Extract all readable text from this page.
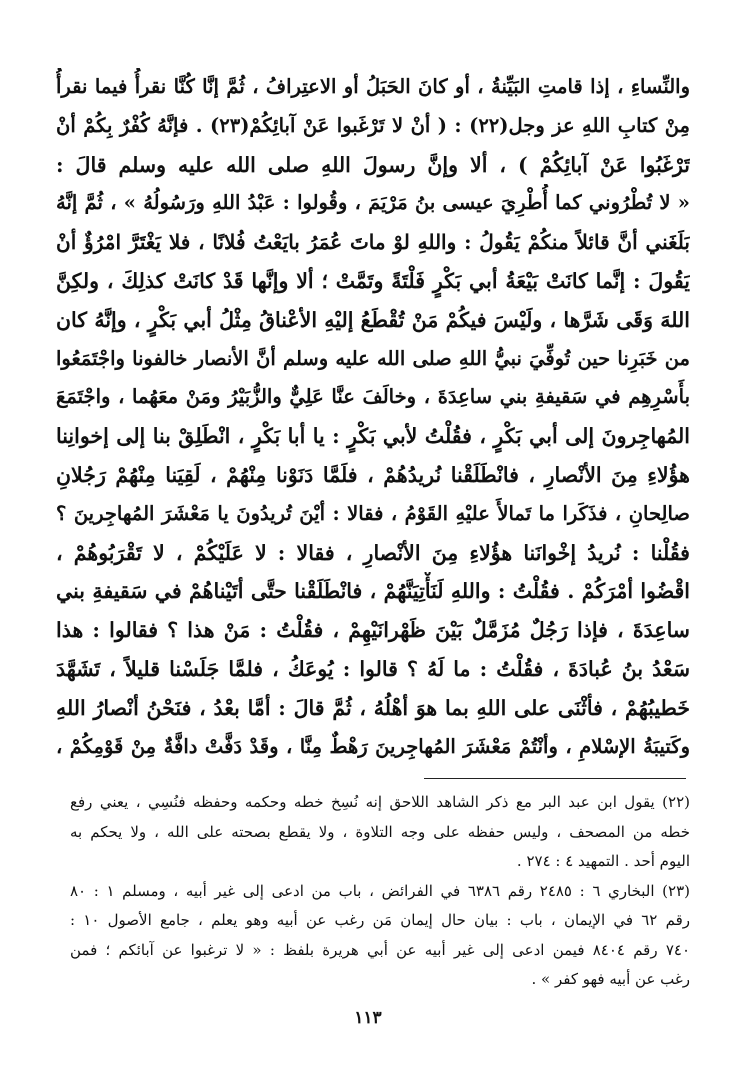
والنِّساءِ ، إذا قامتِ البَيِّنةُ ، أو كانَ الحَبَلُ أو الاعتِرافُ ، ثُمَّ إنَّا كُنَّا نقرأُ فيما نقرأُ
مِنْ كتابِ اللهِ عز وجل(٢٢) : ( أنْ لا تَرْغَبوا عَنْ آبائِكُمْ(٢٣) . فإنَّهُ كُفْرٌ بِكُمْ أنْ
تَرْغَبُوا عَنْ آبائِكُمْ ) ، ألا وإنَّ رسولَ اللهِ صلى الله عليه وسلم قالَ :
« لا تُطْرُوني كما أُطْرِيَ عيسى بنُ مَرْيَمَ ، وقُولوا : عَبْدُ اللهِ ورَسُولُهُ » ، ثُمَّ إنَّهُ
بَلَغَني أنَّ قائلاً منكُمْ يَقُولُ : واللهِ لوْ ماتَ عُمَرُ بايَعْتُ فُلانًا ، فلا يَغْتَرَّ امْرُؤٌ أنْ
يَقُولَ : إنَّما كانَتْ بَيْعَةُ أبي بَكْرٍ فَلْتَةً وتَمَّتْ ؛ ألا وإنَّها قَدْ كانَتْ كذلِكَ ، ولكِنَّ
اللهَ وَقَى شَرَّها ، ولَيْسَ فيكُمْ مَنْ تُقْطَعُ إليْهِ الأعْناقُ مِثْلُ أبي بَكْرٍ ، وإنَّهُ كان
من خَبَرِنا حين تُوفِّيَ نبيُّ اللهِ صلى الله عليه وسلم أنَّ الأنصار خالفونا واجْتَمَعُوا
بأَسْرِهِم في سَقيفةِ بني ساعِدَةَ ، وخالَفَ عنَّا عَلِيٌّ والزُّبَيْرُ ومَنْ معَهُما ، واجْتَمَعَ
المُهاجِرونَ إلى أبي بَكْرٍ ، فقُلْتُ لأبي بَكْرٍ : يا أبا بَكْرٍ ، انْطَلِقْ بنا إلى إخوانِنا
هؤُلاءِ مِنَ الأنْصارِ ، فانْطَلَقْنا نُريدُهُمْ ، فلَمَّا دَنَوْنا مِنْهُمْ ، لَقِيَنا مِنْهُمْ رَجُلانِ
صالِحانِ ، فذَكَرا ما تَمالأَ عليْهِ القَوْمُ ، فقالا : أيْنَ تُريدُونَ يا مَعْشَرَ المُهاجِرينَ ؟
فقُلْنا : نُريدُ إخْوانَنا هؤُلاءِ مِنَ الأنْصارِ ، فقالا : لا عَلَيْكُمْ ، لا تَقْرَبُوهُمْ ،
اقْضُوا أمْرَكُمْ . فقُلْتُ : واللهِ لَنَأْتِيَنَّهُمْ ، فانْطَلَقْنا حتَّى أتَيْناهُمْ في سَقيفةِ بني
ساعِدَةَ ، فإذا رَجُلٌ مُزَمَّلٌ بَيْنَ ظَهْرانَيْهِمْ ، فقُلْتُ : مَنْ هذا ؟ فقالوا : هذا
سَعْدُ بنُ عُبادَةَ ، فقُلْتُ : ما لَهُ ؟ قالوا : يُوعَكُ ، فلمَّا جَلَسْنا قليلاً ، تَشَهَّدَ
خَطيبُهُمْ ، فأثْنَى على اللهِ بما هوَ أهْلُهُ ، ثُمَّ قالَ : أمَّا بعْدُ ، فنَحْنُ أنْصارُ اللهِ
وكَتيبَةُ الإسْلامِ ، وأنْتُمْ مَعْشَرَ المُهاجِرينَ رَهْطٌ مِنَّا ، وقَدْ دَفَّتْ دافَّةٌ مِنْ قَوْمِكُمْ ،
(٢٢) يقول ابن عبد البر مع ذكر الشاهد اللاحق إنه نُسِخ خطه وحكمه وحفظه فنُسِي ، يعني رفع
خطه من المصحف ، وليس حفظه على وجه التلاوة ، ولا يقطع بصحته على الله ، ولا يحكم به
اليوم أحد . التمهيد ٤ : ٢٧٤ .
(٢٣) البخاري ٦ : ٢٤٨٥ رقم ٦٣٨٦ في الفرائض ، باب من ادعى إلى غير أبيه ، ومسلم ١ : ٨٠
رقم ٦٢ في الإيمان ، باب : بيان حال إيمان مَن رغب عن أبيه وهو يعلم ، جامع الأصول ١٠ :
٧٤٠ رقم ٨٤٠٤ فيمن ادعى إلى غير أبيه عن أبي هريرة بلفظ : « لا ترغبوا عن آبائكم ؛ فمن
رغب عن أبيه فهو كفر » .
١١٣
